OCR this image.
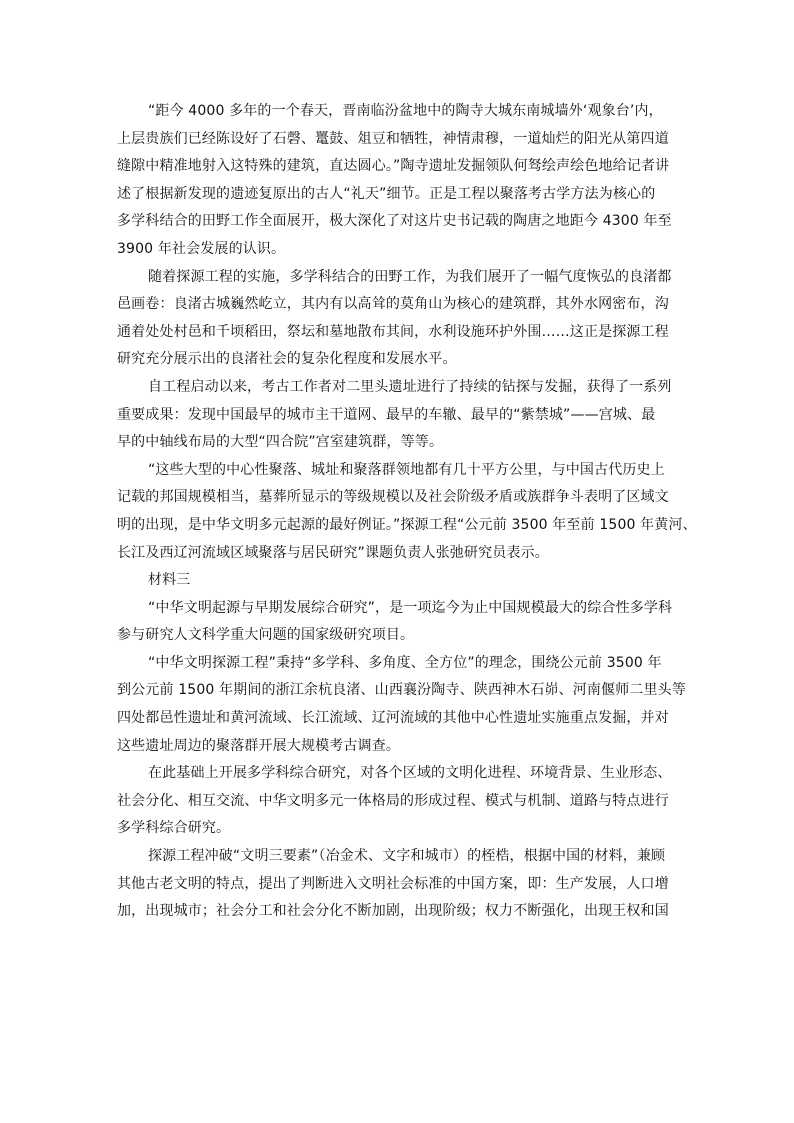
“距今 4000 多年的一个春天，晋南临汾盆地中的陶寺大城东南城墙外‘观象台’内，
上层贵族们已经陈设好了石磬、鼍鼓、俎豆和牺牲，神情肃穆，一道灿烂的阳光从第四道
缝隙中精准地射入这特殊的建筑，直达圆心。”陶寺遗址发掘领队何驽绘声绘色地给记者讲
述了根据新发现的遗迹复原出的古人“礼天”细节。正是工程以聚落考古学方法为核心的
多学科结合的田野工作全面展开，极大深化了对这片史书记载的陶唐之地距今 4300 年至
3900 年社会发展的认识。
随着探源工程的实施，多学科结合的田野工作，为我们展开了一幅气度恢弘的良渚都
邑画卷：良渚古城巍然屹立，其内有以高耸的莫角山为核心的建筑群，其外水网密布，沟
通着处处村邑和千顷稻田，祭坛和墓地散布其间，水利设施环护外围……这正是探源工程
研究充分展示出的良渚社会的复杂化程度和发展水平。
自工程启动以来，考古工作者对二里头遗址进行了持续的钻探与发掘，获得了一系列
重要成果：发现中国最早的城市主干道网、最早的车辙、最早的“紫禁城”——宫城、最
早的中轴线布局的大型“四合院”宫室建筑群，等等。
“这些大型的中心性聚落、城址和聚落群领地都有几十平方公里，与中国古代历史上
记载的邦国规模相当，墓葬所显示的等级规模以及社会阶级矛盾或族群争斗表明了区域文
明的出现，是中华文明多元起源的最好例证。”探源工程“公元前 3500 年至前 1500 年黄河、
长江及西辽河流域区域聚落与居民研究”课题负责人张弛研究员表示。
材料三
“中华文明起源与早期发展综合研究”，是一项迄今为止中国规模最大的综合性多学科
参与研究人文科学重大问题的国家级研究项目。
“中华文明探源工程”秉持“多学科、多角度、全方位”的理念，围绕公元前 3500 年
到公元前 1500 年期间的浙江余杭良渚、山西襄汾陶寺、陕西神木石峁、河南偃师二里头等
四处都邑性遗址和黄河流域、长江流域、辽河流域的其他中心性遗址实施重点发掘，并对
这些遗址周边的聚落群开展大规模考古调查。
在此基础上开展多学科综合研究，对各个区域的文明化进程、环境背景、生业形态、
社会分化、相互交流、中华文明多元一体格局的形成过程、模式与机制、道路与特点进行
多学科综合研究。
探源工程冲破“文明三要素”（冶金术、文字和城市）的桎梏，根据中国的材料，兼顾
其他古老文明的特点，提出了判断进入文明社会标准的中国方案，即：生产发展，人口增
加，出现城市；社会分工和社会分化不断加剧，出现阶级；权力不断强化，出现王权和国
